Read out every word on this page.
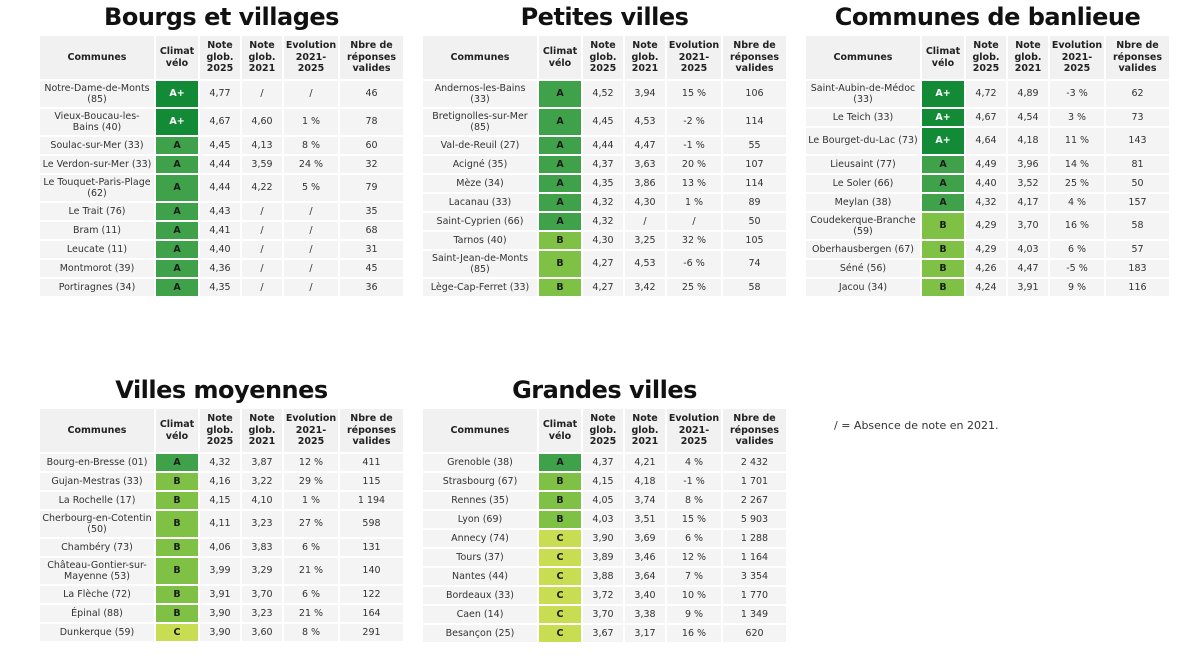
Bourgs et villages
Communes	Climat vélo	Note glob. 2025	Note glob. 2021	Evolution 2021-2025	Nbre de réponses valides
Notre-Dame-de-Monts (85)	A+	4,77	/	/	46
Vieux-Boucau-les-Bains (40)	A+	4,67	4,60	1 %	78
Soulac-sur-Mer (33)	A	4,45	4,13	8 %	60
Le Verdon-sur-Mer (33)	A	4,44	3,59	24 %	32
Le Touquet-Paris-Plage (62)	A	4,44	4,22	5 %	79
Le Trait (76)	A	4,43	/	/	35
Bram (11)	A	4,41	/	/	68
Leucate (11)	A	4,40	/	/	31
Montmorot (39)	A	4,36	/	/	45
Portiragnes (34)	A	4,35	/	/	36
Petites villes
Communes	Climat vélo	Note glob. 2025	Note glob. 2021	Evolution 2021-2025	Nbre de réponses valides
Andernos-les-Bains (33)	A	4,52	3,94	15 %	106
Bretignolles-sur-Mer (85)	A	4,45	4,53	-2 %	114
Val-de-Reuil (27)	A	4,44	4,47	-1 %	55
Acigné (35)	A	4,37	3,63	20 %	107
Mèze (34)	A	4,35	3,86	13 %	114
Lacanau (33)	A	4,32	4,30	1 %	89
Saint-Cyprien (66)	A	4,32	/	/	50
Tarnos (40)	B	4,30	3,25	32 %	105
Saint-Jean-de-Monts (85)	B	4,27	4,53	-6 %	74
Lège-Cap-Ferret (33)	B	4,27	3,42	25 %	58
Communes de banlieue
Communes	Climat vélo	Note glob. 2025	Note glob. 2021	Evolution 2021-2025	Nbre de réponses valides
Saint-Aubin-de-Médoc (33)	A+	4,72	4,89	-3 %	62
Le Teich (33)	A+	4,67	4,54	3 %	73
Le Bourget-du-Lac (73)	A+	4,64	4,18	11 %	143
Lieusaint (77)	A	4,49	3,96	14 %	81
Le Soler (66)	A	4,40	3,52	25 %	50
Meylan (38)	A	4,32	4,17	4 %	157
Coudekerque-Branche (59)	B	4,29	3,70	16 %	58
Oberhausbergen (67)	B	4,29	4,03	6 %	57
Séné (56)	B	4,26	4,47	-5 %	183
Jacou (34)	B	4,24	3,91	9 %	116
Villes moyennes
Communes	Climat vélo	Note glob. 2025	Note glob. 2021	Evolution 2021-2025	Nbre de réponses valides
Bourg-en-Bresse (01)	A	4,32	3,87	12 %	411
Gujan-Mestras (33)	B	4,16	3,22	29 %	115
La Rochelle (17)	B	4,15	4,10	1 %	1 194
Cherbourg-en-Cotentin (50)	B	4,11	3,23	27 %	598
Chambéry (73)	B	4,06	3,83	6 %	131
Château-Gontier-sur-Mayenne (53)	B	3,99	3,29	21 %	140
La Flèche (72)	B	3,91	3,70	6 %	122
Épinal (88)	B	3,90	3,23	21 %	164
Dunkerque (59)	C	3,90	3,60	8 %	291
Grandes villes
Communes	Climat vélo	Note glob. 2025	Note glob. 2021	Evolution 2021-2025	Nbre de réponses valides
Grenoble (38)	A	4,37	4,21	4 %	2 432
Strasbourg (67)	B	4,15	4,18	-1 %	1 701
Rennes (35)	B	4,05	3,74	8 %	2 267
Lyon (69)	B	4,03	3,51	15 %	5 903
Annecy (74)	C	3,90	3,69	6 %	1 288
Tours (37)	C	3,89	3,46	12 %	1 164
Nantes (44)	C	3,88	3,64	7 %	3 354
Bordeaux (33)	C	3,72	3,40	10 %	1 770
Caen (14)	C	3,70	3,38	9 %	1 349
Besançon (25)	C	3,67	3,17	16 %	620
/ = Absence de note en 2021.
